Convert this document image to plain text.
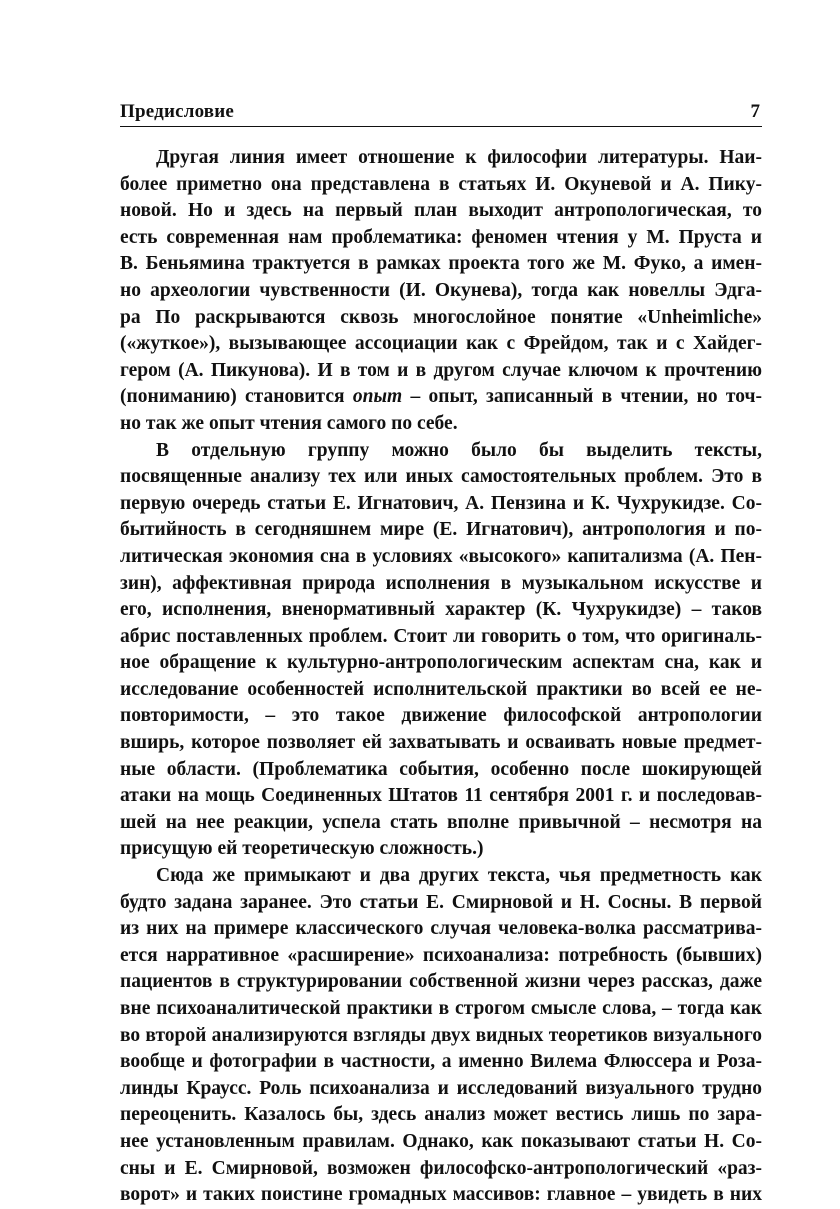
Предисловие	7

Другая линия имеет отношение к философии литературы. Наи-
более приметно она представлена в статьях И. Окуневой и А. Пику-
новой. Но и здесь на первый план выходит антропологическая, то
есть современная нам проблематика: феномен чтения у М. Пруста и
В. Беньямина трактуется в рамках проекта того же М. Фуко, а имен-
но археологии чувственности (И. Окунева), тогда как новеллы Эдга-
ра По раскрываются сквозь многослойное понятие «Unheimliche»
(«жуткое»), вызывающее ассоциации как с Фрейдом, так и с Хайдег-
гером (А. Пикунова). И в том и в другом случае ключом к прочтению
(пониманию) становится опыт – опыт, записанный в чтении, но точ-
но так же опыт чтения самого по себе.

В отдельную группу можно было бы выделить тексты,
посвященные анализу тех или иных самостоятельных проблем. Это в
первую очередь статьи Е. Игнатович, А. Пензина и К. Чухрукидзе. Со-
бытийность в сегодняшнем мире (Е. Игнатович), антропология и по-
литическая экономия сна в условиях «высокого» капитализма (А. Пен-
зин), аффективная природа исполнения в музыкальном искусстве и
его, исполнения, вненормативный характер (К. Чухрукидзе) – таков
абрис поставленных проблем. Стоит ли говорить о том, что оригиналь-
ное обращение к культурно-антропологическим аспектам сна, как и
исследование особенностей исполнительской практики во всей ее не-
повторимости, – это такое движение философской антропологии
вширь, которое позволяет ей захватывать и осваивать новые предмет-
ные области. (Проблематика события, особенно после шокирующей
атаки на мощь Соединенных Штатов 11 сентября 2001 г. и последовав-
шей на нее реакции, успела стать вполне привычной – несмотря на
присущую ей теоретическую сложность.)

Сюда же примыкают и два других текста, чья предметность как
будто задана заранее. Это статьи Е. Смирновой и Н. Сосны. В первой
из них на примере классического случая человека-волка рассматрива-
ется нарративное «расширение» психоанализа: потребность (бывших)
пациентов в структурировании собственной жизни через рассказ, даже
вне психоаналитической практики в строгом смысле слова, – тогда как
во второй анализируются взгляды двух видных теоретиков визуального
вообще и фотографии в частности, а именно Вилема Флюссера и Роза-
линды Краусс. Роль психоанализа и исследований визуального трудно
переоценить. Казалось бы, здесь анализ может вестись лишь по зара-
нее установленным правилам. Однако, как показывают статьи Н. Со-
сны и Е. Смирновой, возможен философско-антропологический «раз-
ворот» и таких поистине громадных массивов: главное – увидеть в них
